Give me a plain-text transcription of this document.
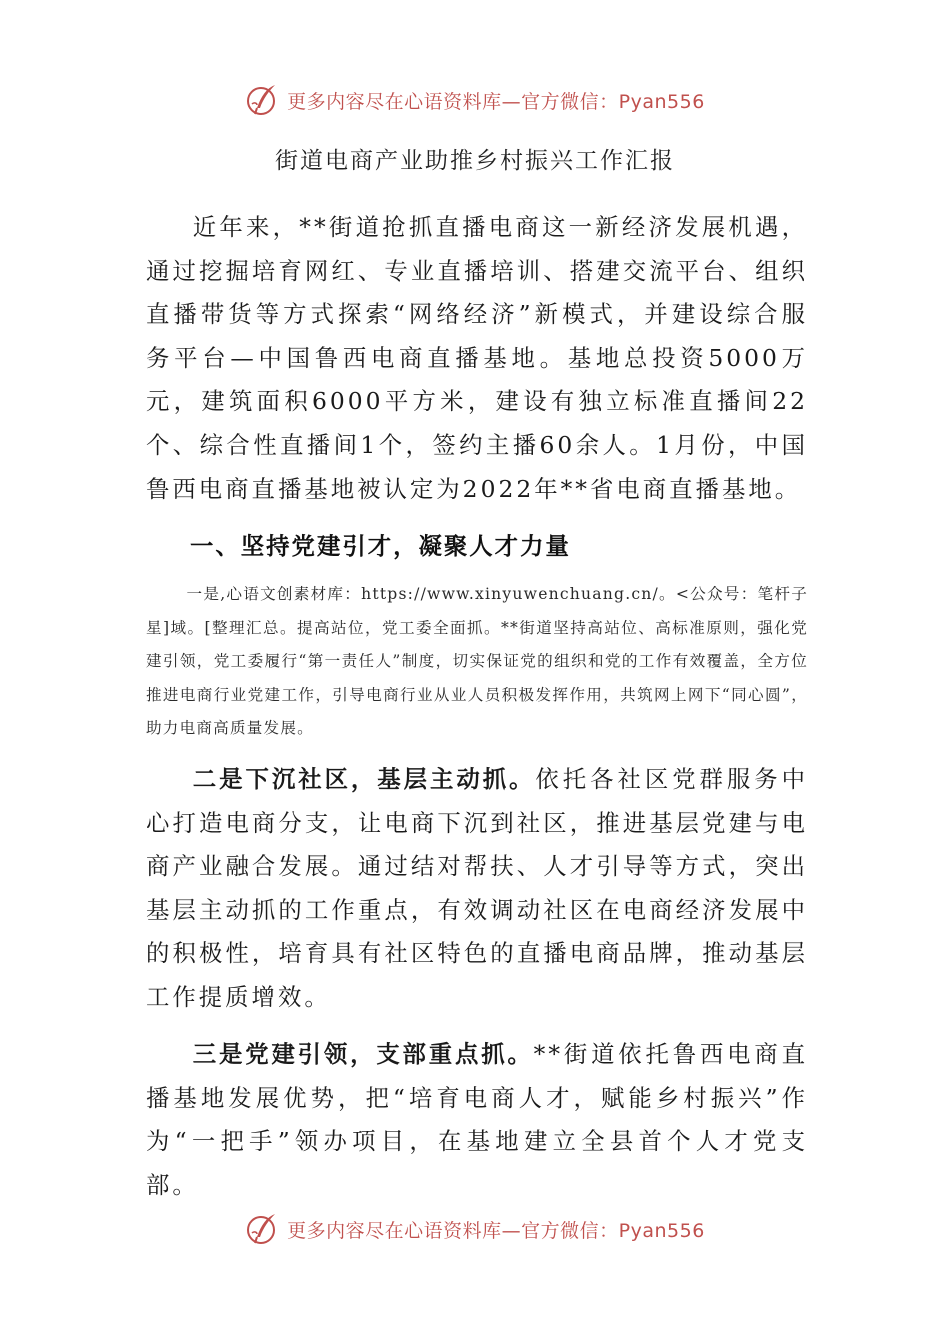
更多内容尽在心语资料库—官方微信：Pyan556
街道电商产业助推乡村振兴工作汇报

近年来，**街道抢抓直播电商这一新经济发展机遇，通过挖掘培育网红、专业直播培训、搭建交流平台、组织直播带货等方式探索“网络经济”新模式，并建设综合服务平台—中国鲁西电商直播基地。基地总投资5000万元，建筑面积6000平方米，建设有独立标准直播间22个、综合性直播间1个，签约主播60余人。1月份，中国鲁西电商直播基地被认定为2022年**省电商直播基地。

一、坚持党建引才，凝聚人才力量

一是,心语文创素材库：https://www.xinyuwenchuang.cn/。<公众号：笔杆子星]域。[整理汇总。提高站位，党工委全面抓。**街道坚持高站位、高标准原则，强化党建引领，党工委履行“第一责任人”制度，切实保证党的组织和党的工作有效覆盖，全方位推进电商行业党建工作，引导电商行业从业人员积极发挥作用，共筑网上网下“同心圆”，助力电商高质量发展。

二是下沉社区，基层主动抓。依托各社区党群服务中心打造电商分支，让电商下沉到社区，推进基层党建与电商产业融合发展。通过结对帮扶、人才引导等方式，突出基层主动抓的工作重点，有效调动社区在电商经济发展中的积极性，培育具有社区特色的直播电商品牌，推动基层工作提质增效。

三是党建引领，支部重点抓。**街道依托鲁西电商直播基地发展优势，把“培育电商人才，赋能乡村振兴”作为“一把手”领办项目，在基地建立全县首个人才党支部。

更多内容尽在心语资料库—官方微信：Pyan556
